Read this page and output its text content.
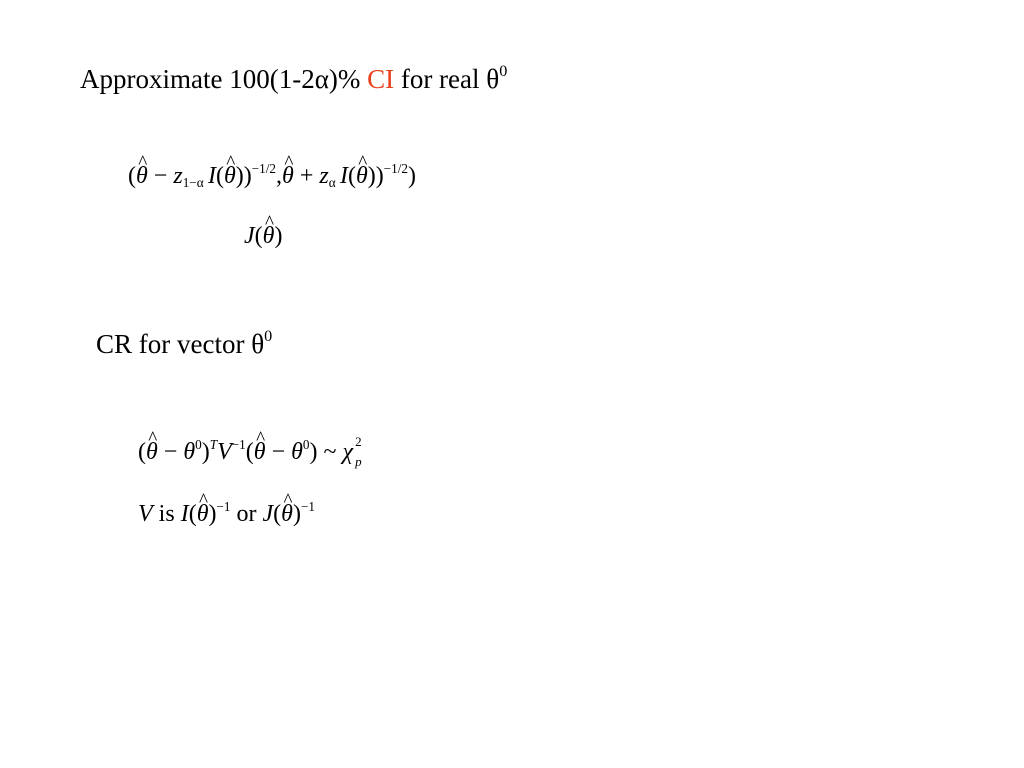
Approximate 100(1-2α)% CI for real $\theta^0$
(^ $\theta - z_{1-\alpha}$ I(^ θ))$^{-1/2}$,^ $\theta + z_\alpha$ I(^ θ))$^{-1/2}$)
J(^ θ)
CR for vector $\theta^0$
(^ $\theta - \theta^0)^TV^{-1}(\^{}$ $\theta - \theta^0$) ~ χ 2
p
V is I(^ θ)$^{-1}$ or J(^ θ)$^{-1}$
